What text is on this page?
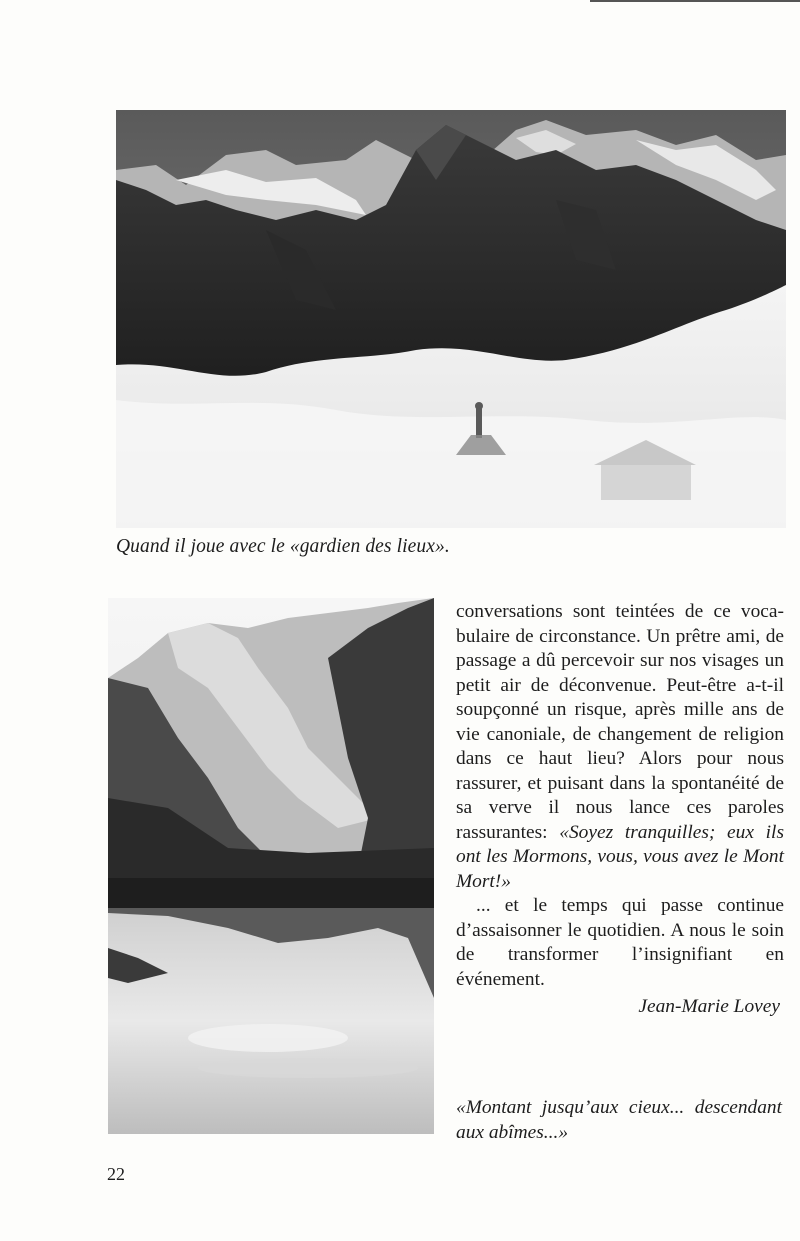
Quand il joue avec le «gardien des lieux».

conversations sont teintées de ce vocabulaire de circonstance. Un prêtre ami, de passage a dû percevoir sur nos visages un petit air de déconvenue. Peut-être a-t-il soupçonné un risque, après mille ans de vie canoniale, de changement de religion dans ce haut lieu? Alors pour nous rassurer, et puisant dans la spontanéité de sa verve il nous lance ces paroles rassurantes: «Soyez tranquilles; eux ils ont les Mormons, vous, vous avez le Mont Mort!»

... et le temps qui passe continue d’assaisonner le quotidien. A nous le soin de transformer l’insignifiant en événement.

Jean-Marie Lovey
«Montant jusqu’aux cieux... descendant aux abîmes...»
22
